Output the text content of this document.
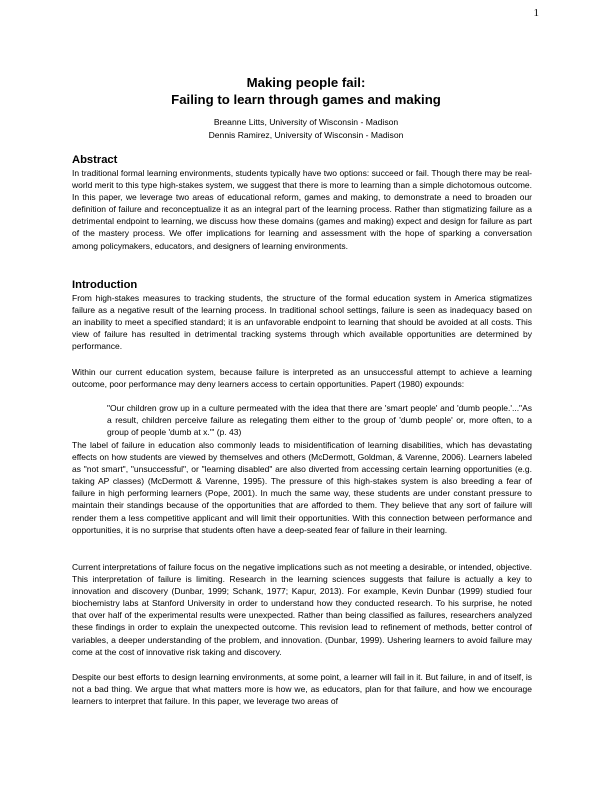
1
Making people fail:
Failing to learn through games and making
Breanne Litts, University of Wisconsin - Madison
Dennis Ramirez, University of Wisconsin - Madison
Abstract

In traditional formal learning environments, students typically have two options: succeed or fail. Though there may be real-world merit to this type high-stakes system, we suggest that there is more to learning than a simple dichotomous outcome. In this paper, we leverage two areas of educational reform, games and making, to demonstrate a need to broaden our definition of failure and reconceptualize it as an integral part of the learning process. Rather than stigmatizing failure as a detrimental endpoint to learning, we discuss how these domains (games and making) expect and design for failure as part of the mastery process. We offer implications for learning and assessment with the hope of sparking a conversation among policymakers, educators, and designers of learning environments.

Introduction

From high-stakes measures to tracking students, the structure of the formal education system in America stigmatizes failure as a negative result of the learning process. In traditional school settings, failure is seen as inadequacy based on an inability to meet a specified standard; it is an unfavorable endpoint to learning that should be avoided at all costs. This view of failure has resulted in detrimental tracking systems through which available opportunities are determined by performance.

Within our current education system, because failure is interpreted as an unsuccessful attempt to achieve a learning outcome, poor performance may deny learners access to certain opportunities. Papert (1980) expounds:

"Our children grow up in a culture permeated with the idea that there are 'smart people' and 'dumb people.'..."As a result, children perceive failure as relegating them either to the group of 'dumb people' or, more often, to a group of people 'dumb at x.'" (p. 43)

The label of failure in education also commonly leads to misidentification of learning disabilities, which has devastating effects on how students are viewed by themselves and others (McDermott, Goldman, & Varenne, 2006). Learners labeled as "not smart", "unsuccessful", or "learning disabled" are also diverted from accessing certain learning opportunities (e.g. taking AP classes) (McDermott & Varenne, 1995). The pressure of this high-stakes system is also breeding a fear of failure in high performing learners (Pope, 2001). In much the same way, these students are under constant pressure to maintain their standings because of the opportunities that are afforded to them. They believe that any sort of failure will render them a less competitive applicant and will limit their opportunities. With this connection between performance and opportunities, it is no surprise that students often have a deep-seated fear of failure in their learning.

Current interpretations of failure focus on the negative implications such as not meeting a desirable, or intended, objective. This interpretation of failure is limiting. Research in the learning sciences suggests that failure is actually a key to innovation and discovery (Dunbar, 1999; Schank, 1977; Kapur, 2013). For example, Kevin Dunbar (1999) studied four biochemistry labs at Stanford University in order to understand how they conducted research. To his surprise, he noted that over half of the experimental results were unexpected. Rather than being classified as failures, researchers analyzed these findings in order to explain the unexpected outcome. This revision lead to refinement of methods, better control of variables, a deeper understanding of the problem, and innovation. (Dunbar, 1999). Ushering learners to avoid failure may come at the cost of innovative risk taking and discovery.

Despite our best efforts to design learning environments, at some point, a learner will fail in it. But failure, in and of itself, is not a bad thing. We argue that what matters more is how we, as educators, plan for that failure, and how we encourage learners to interpret that failure. In this paper, we leverage two areas of
